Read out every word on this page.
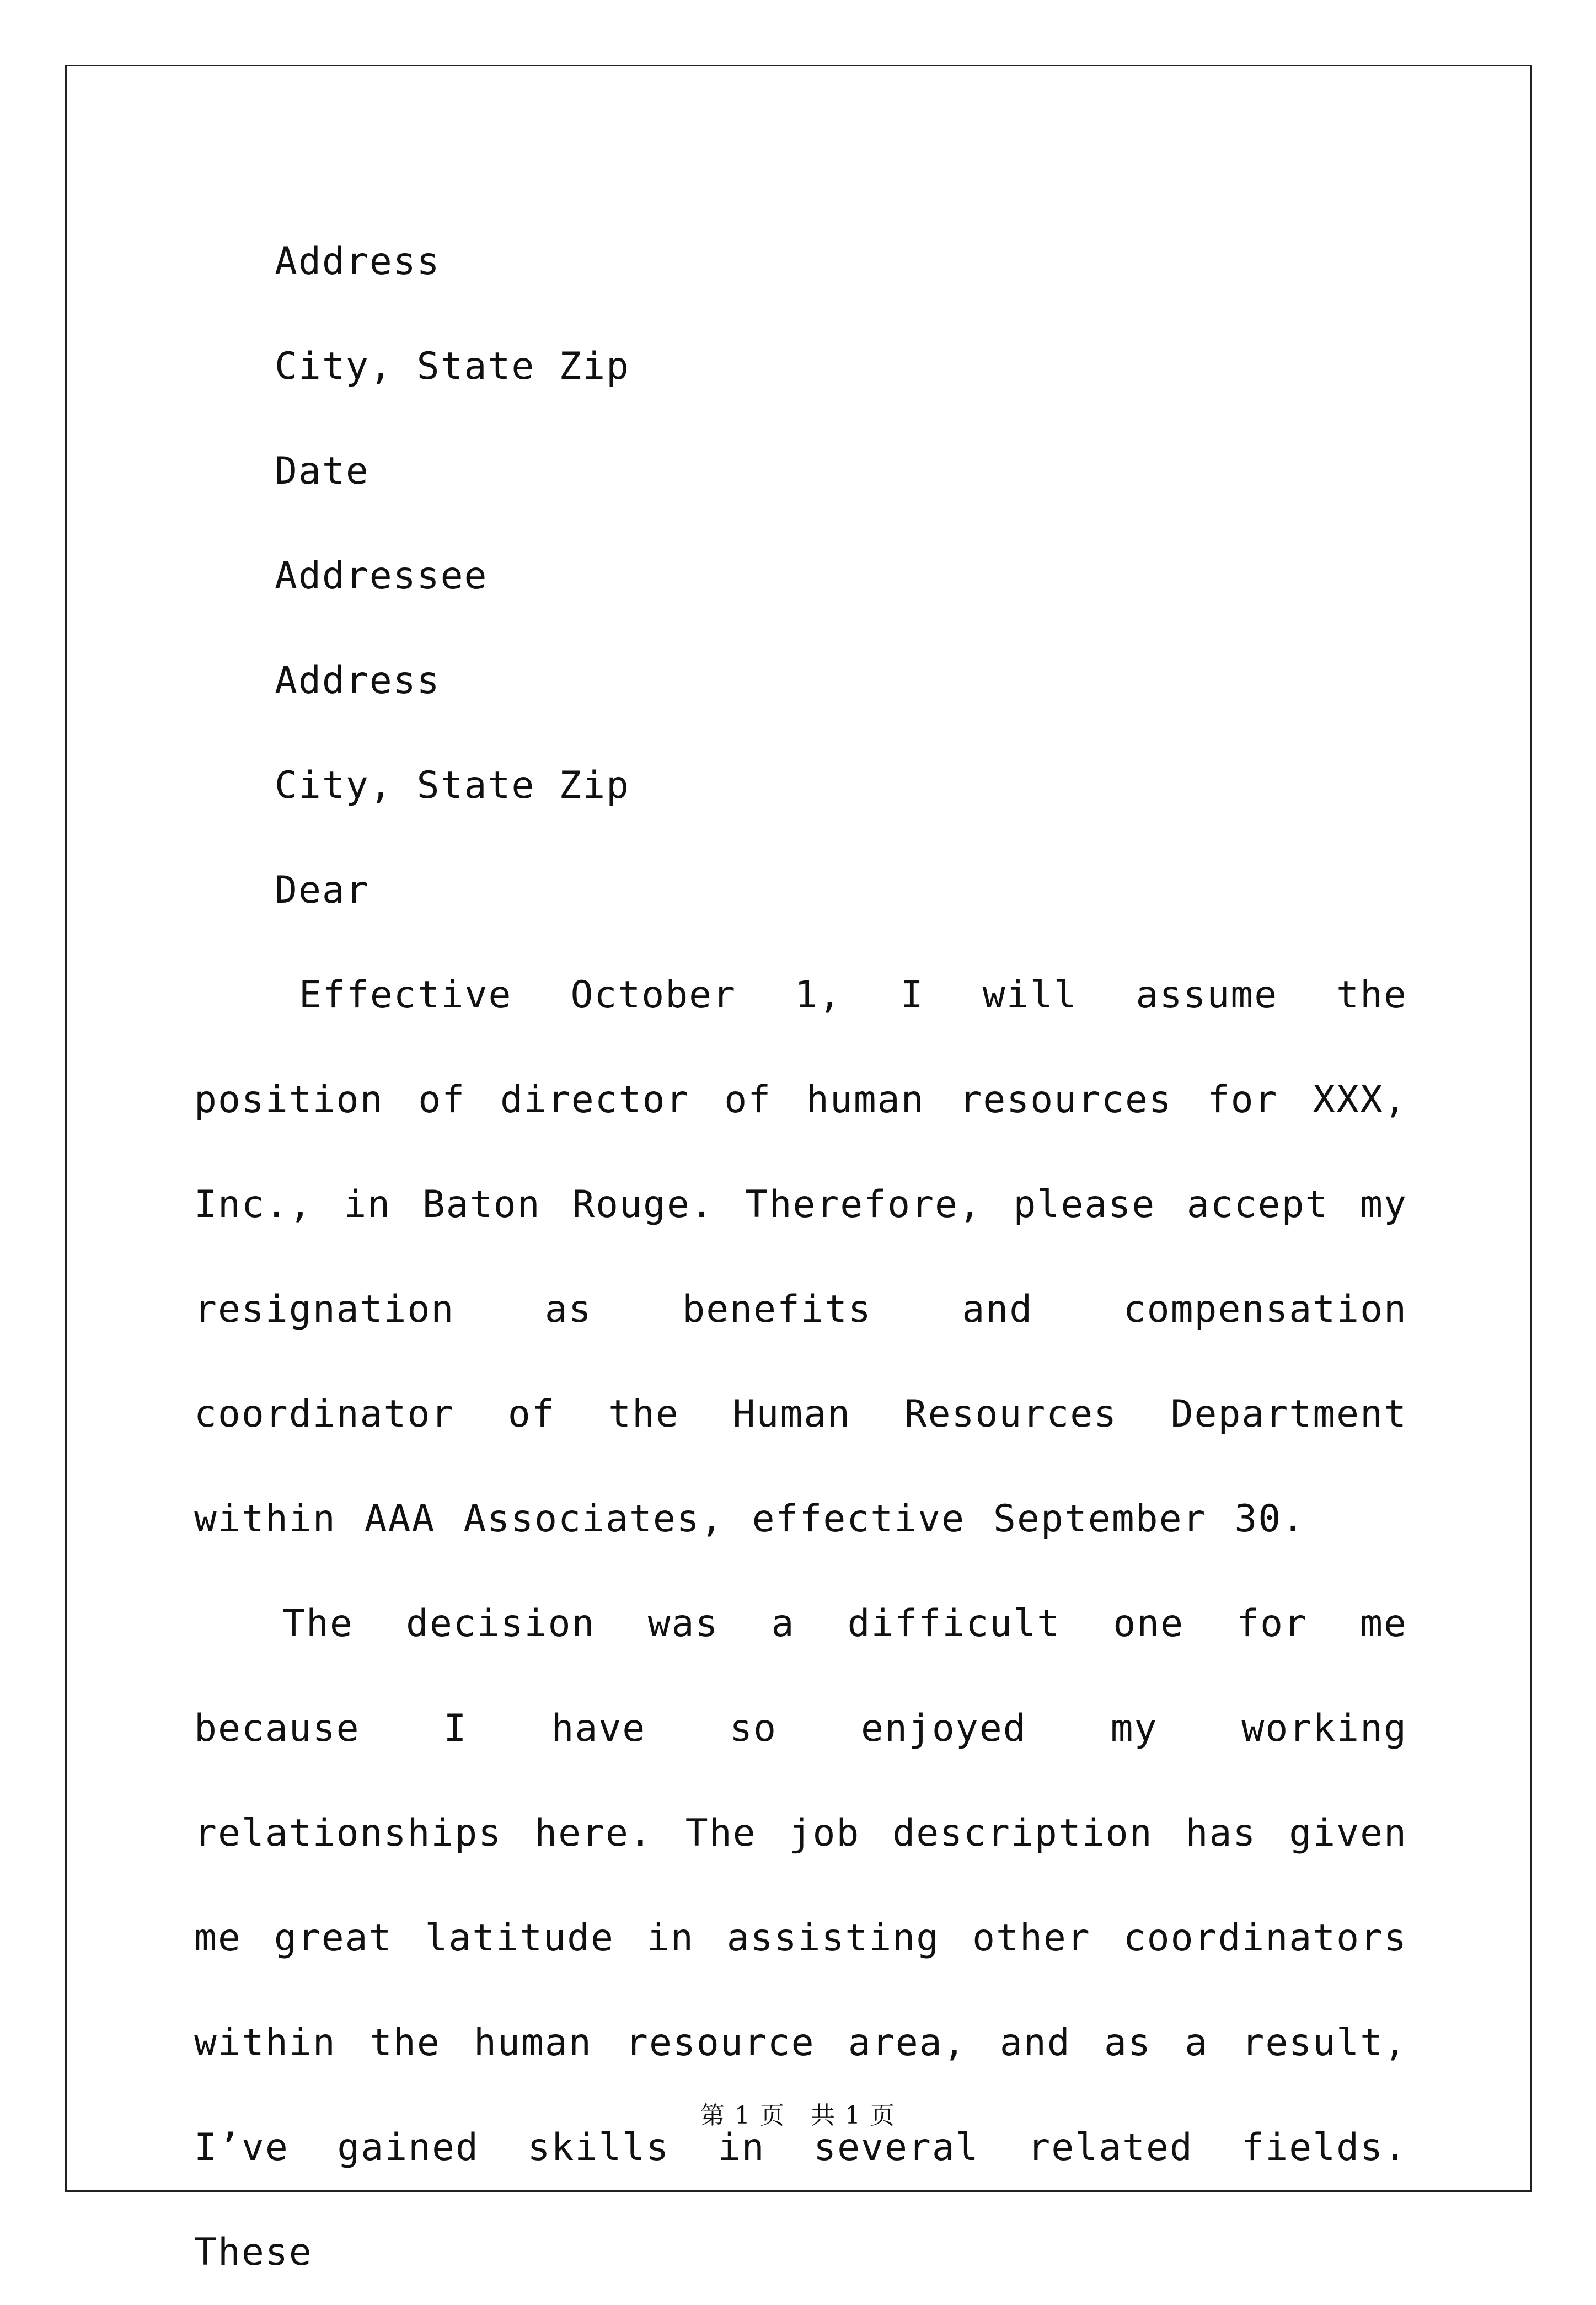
Address

City, State Zip

Date

Addressee

Address

City, State Zip

Dear

Effective October 1, I will assume the position of director of human resources for XXX, Inc., in Baton Rouge. Therefore, please accept my resignation as benefits and compensation coordinator of the Human Resources Department within AAA Associates, effective September 30.

The decision was a difficult one for me because I have so enjoyed my working relationships here. The job description has given me great latitude in assisting other coordinators within the human resource area, and as a result, I’ve gained skills in several related fields. These

第 1 页　共 1 页
